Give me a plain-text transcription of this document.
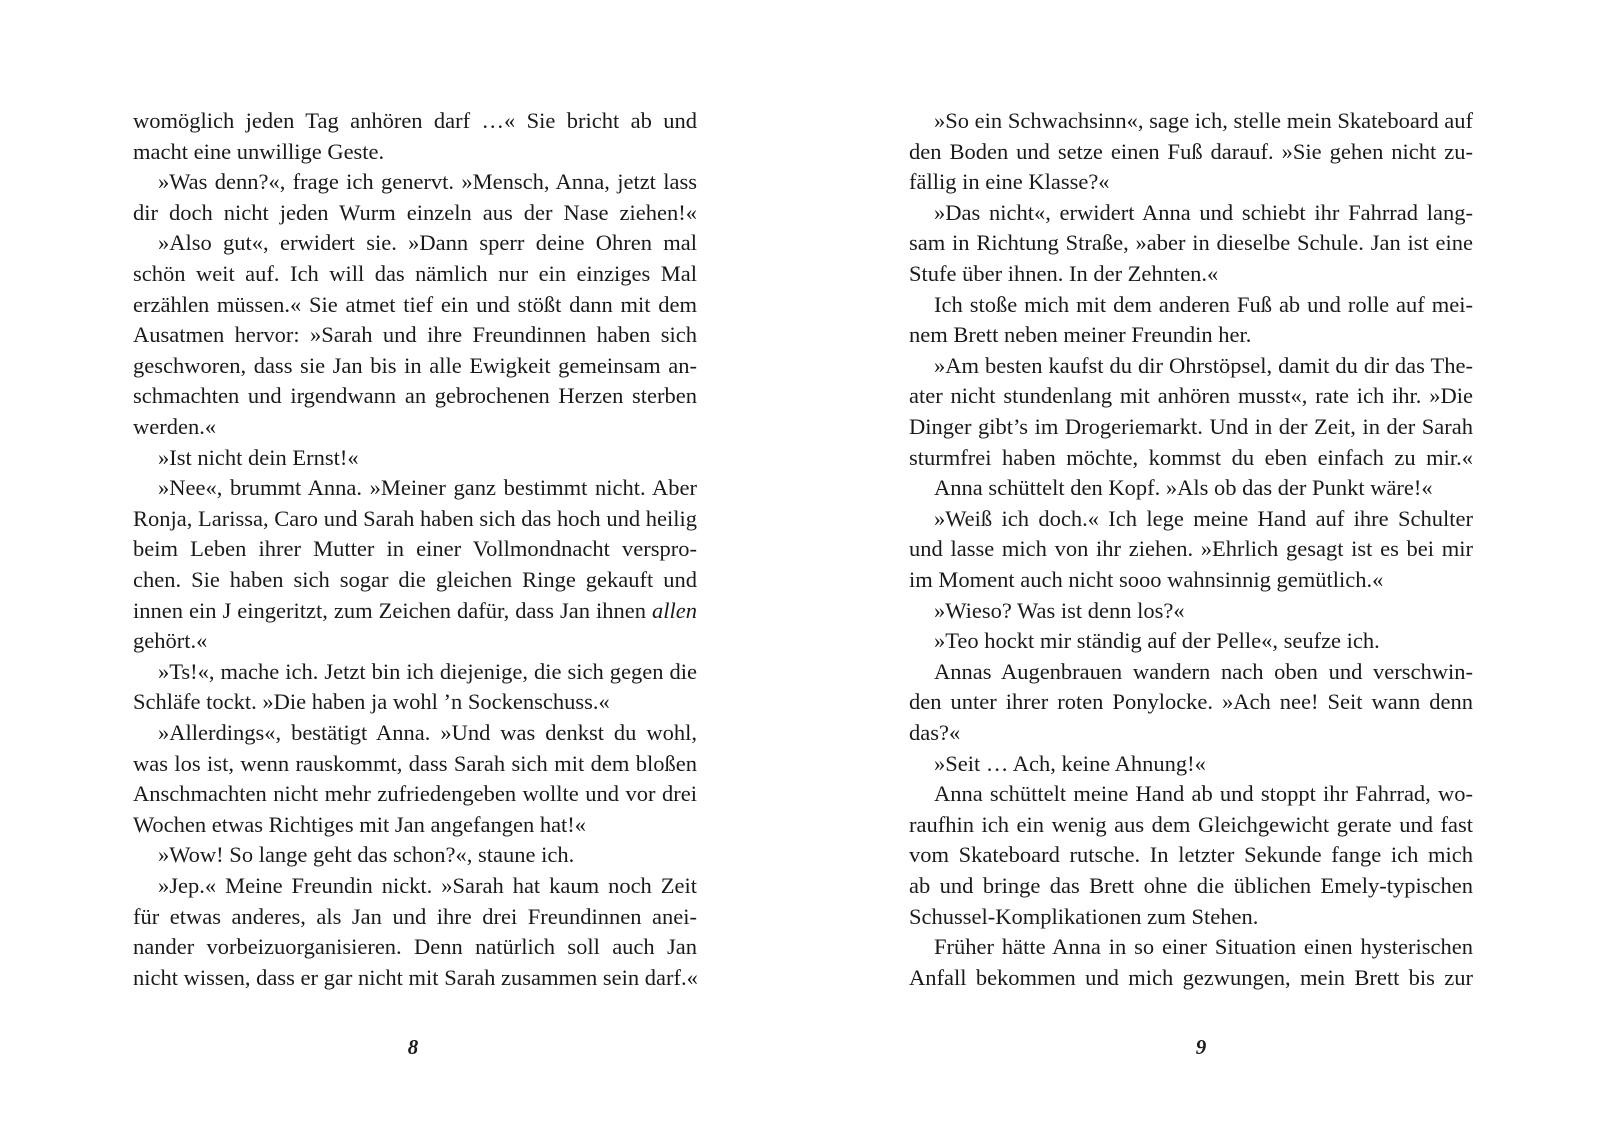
womöglich jeden Tag anhören darf …« Sie bricht ab und
macht eine unwillige Geste.
»Was denn?«, frage ich genervt. »Mensch, Anna, jetzt lass
dir doch nicht jeden Wurm einzeln aus der Nase ziehen!«
»Also gut«, erwidert sie. »Dann sperr deine Ohren mal
schön weit auf. Ich will das nämlich nur ein einziges Mal
erzählen müssen.« Sie atmet tief ein und stößt dann mit dem
Ausatmen hervor: »Sarah und ihre Freundinnen haben sich
geschworen, dass sie Jan bis in alle Ewigkeit gemeinsam an-
schmachten und irgendwann an gebrochenen Herzen sterben
werden.«
»Ist nicht dein Ernst!«
»Nee«, brummt Anna. »Meiner ganz bestimmt nicht. Aber
Ronja, Larissa, Caro und Sarah haben sich das hoch und heilig
beim Leben ihrer Mutter in einer Vollmondnacht verspro-
chen. Sie haben sich sogar die gleichen Ringe gekauft und
innen ein J eingeritzt, zum Zeichen dafür, dass Jan ihnen allen
gehört.«
»Ts!«, mache ich. Jetzt bin ich diejenige, die sich gegen die
Schläfe tockt. »Die haben ja wohl ’n Sockenschuss.«
»Allerdings«, bestätigt Anna. »Und was denkst du wohl,
was los ist, wenn rauskommt, dass Sarah sich mit dem bloßen
Anschmachten nicht mehr zufriedengeben wollte und vor drei
Wochen etwas Richtiges mit Jan angefangen hat!«
»Wow! So lange geht das schon?«, staune ich.
»Jep.« Meine Freundin nickt. »Sarah hat kaum noch Zeit
für etwas anderes, als Jan und ihre drei Freundinnen anei-
nander vorbeizuorganisieren. Denn natürlich soll auch Jan
nicht wissen, dass er gar nicht mit Sarah zusammen sein darf.«
8
»So ein Schwachsinn«, sage ich, stelle mein Skateboard auf
den Boden und setze einen Fuß darauf. »Sie gehen nicht zu-
fällig in eine Klasse?«
»Das nicht«, erwidert Anna und schiebt ihr Fahrrad lang-
sam in Richtung Straße, »aber in dieselbe Schule. Jan ist eine
Stufe über ihnen. In der Zehnten.«
Ich stoße mich mit dem anderen Fuß ab und rolle auf mei-
nem Brett neben meiner Freundin her.
»Am besten kaufst du dir Ohrstöpsel, damit du dir das The-
ater nicht stundenlang mit anhören musst«, rate ich ihr. »Die
Dinger gibt’s im Drogeriemarkt. Und in der Zeit, in der Sarah
sturmfrei haben möchte, kommst du eben einfach zu mir.«
Anna schüttelt den Kopf. »Als ob das der Punkt wäre!«
»Weiß ich doch.« Ich lege meine Hand auf ihre Schulter
und lasse mich von ihr ziehen. »Ehrlich gesagt ist es bei mir
im Moment auch nicht sooo wahnsinnig gemütlich.«
»Wieso? Was ist denn los?«
»Teo hockt mir ständig auf der Pelle«, seufze ich.
Annas Augenbrauen wandern nach oben und verschwin-
den unter ihrer roten Ponylocke. »Ach nee! Seit wann denn
das?«
»Seit … Ach, keine Ahnung!«
Anna schüttelt meine Hand ab und stoppt ihr Fahrrad, wo-
raufhin ich ein wenig aus dem Gleichgewicht gerate und fast
vom Skateboard rutsche. In letzter Sekunde fange ich mich
ab und bringe das Brett ohne die üblichen Emely-typischen
Schussel-Komplikationen zum Stehen.
Früher hätte Anna in so einer Situation einen hysterischen
Anfall bekommen und mich gezwungen, mein Brett bis zur
9
